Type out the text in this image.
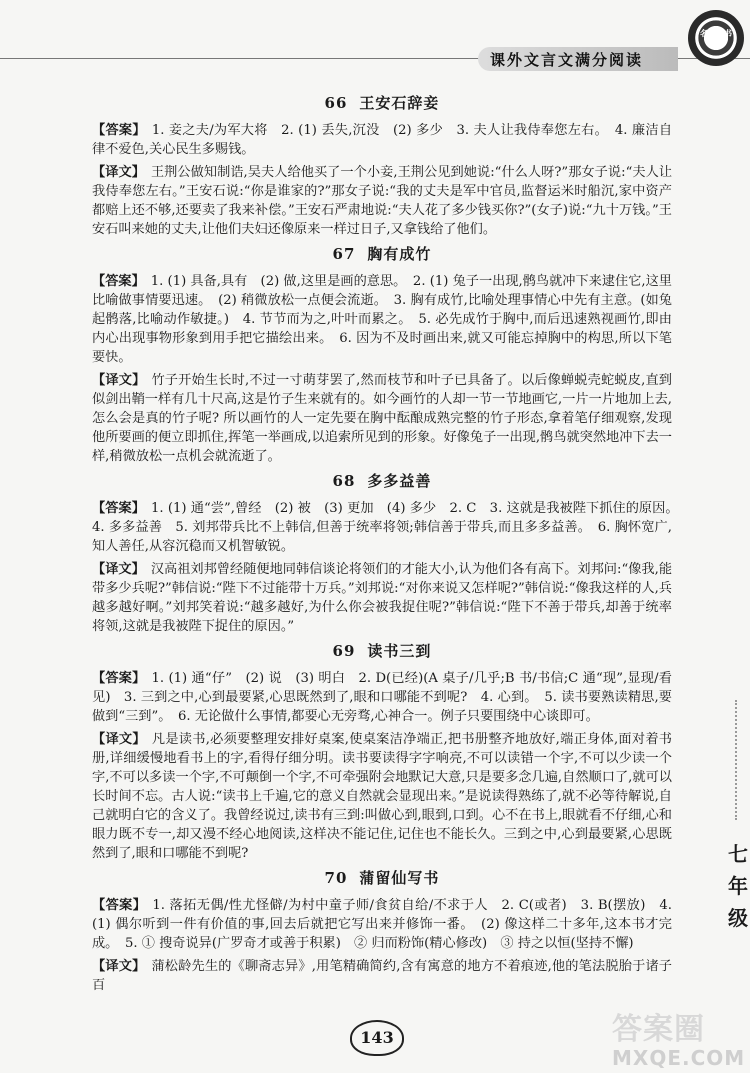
课外文言文满分阅读
名师图书
66 王安石辞妾

【答案】 1. 妾之夫/为军大将　2. (1) 丢失,沉没　(2) 多少　3. 夫人让我侍奉您左右。　4. 廉洁自律不爱色,关心民生多赐钱。

【译文】 王荆公做知制诰,吴夫人给他买了一个小妾,王荆公见到她说:“什么人呀?”那女子说:“夫人让我侍奉您左右。”王安石说:“你是谁家的?”那女子说:“我的丈夫是军中官员,监督运米时船沉,家中资产都赔上还不够,还要卖了我来补偿。”王安石严肃地说:“夫人花了多少钱买你?”(女子)说:“九十万钱。”王安石叫来她的丈夫,让他们夫妇还像原来一样过日子,又拿钱给了他们。

67 胸有成竹

【答案】 1. (1) 具备,具有　(2) 做,这里是画的意思。　2. (1) 兔子一出现,鹘鸟就冲下来逮住它,这里比喻做事情要迅速。　(2) 稍微放松一点便会流逝。　3. 胸有成竹,比喻处理事情心中先有主意。(如兔起鹘落,比喻动作敏捷。)　4. 节节而为之,叶叶而累之。　5. 必先成竹于胸中,而后迅速熟视画竹,即由内心出现事物形象到用手把它描绘出来。　6. 因为不及时画出来,就又可能忘掉胸中的构思,所以下笔要快。

【译文】 竹子开始生长时,不过一寸萌芽罢了,然而枝节和叶子已具备了。以后像蝉蜕壳蛇蜕皮,直到似剑出鞘一样有几十尺高,这是竹子生来就有的。如今画竹的人却一节一节地画它,一片一片地加上去,怎么会是真的竹子呢? 所以画竹的人一定先要在胸中酝酿成熟完整的竹子形态,拿着笔仔细观察,发现他所要画的便立即抓住,挥笔一举画成,以追索所见到的形象。好像兔子一出现,鹘鸟就突然地冲下去一样,稍微放松一点机会就流逝了。

68 多多益善

【答案】 1. (1) 通“尝”,曾经　(2) 被　(3) 更加　(4) 多少　2. C　3. 这就是我被陛下抓住的原因。　4. 多多益善　5. 刘邦带兵比不上韩信,但善于统率将领;韩信善于带兵,而且多多益善。　6. 胸怀宽广,知人善任,从容沉稳而又机智敏锐。

【译文】 汉高祖刘邦曾经随便地同韩信谈论将领们的才能大小,认为他们各有高下。刘邦问:“像我,能带多少兵呢?”韩信说:“陛下不过能带十万兵。”刘邦说:“对你来说又怎样呢?”韩信说:“像我这样的人,兵越多越好啊。”刘邦笑着说:“越多越好,为什么你会被我捉住呢?”韩信说:“陛下不善于带兵,却善于统率将领,这就是我被陛下捉住的原因。”

69 读书三到

【答案】 1. (1) 通“仔”　(2) 说　(3) 明白　2. D(已经)(A 桌子/几乎;B 书/书信;C 通“现”,显现/看见)　3. 三到之中,心到最要紧,心思既然到了,眼和口哪能不到呢?　4. 心到。　5. 读书要熟读精思,要做到“三到”。　6. 无论做什么事情,都要心无旁骛,心神合一。例子只要围绕中心谈即可。

【译文】 凡是读书,必须要整理安排好桌案,使桌案洁净端正,把书册整齐地放好,端正身体,面对着书册,详细缓慢地看书上的字,看得仔细分明。读书要读得字字响亮,不可以读错一个字,不可以少读一个字,不可以多读一个字,不可颠倒一个字,不可牵强附会地默记大意,只是要多念几遍,自然顺口了,就可以长时间不忘。古人说:“读书上千遍,它的意义自然就会显现出来。”是说读得熟练了,就不必等待解说,自己就明白它的含义了。我曾经说过,读书有三到:叫做心到,眼到,口到。心不在书上,眼就看不仔细,心和眼力既不专一,却又漫不经心地阅读,这样决不能记住,记住也不能长久。三到之中,心到最要紧,心思既然到了,眼和口哪能不到呢?

70 蒲留仙写书

【答案】 1. 落拓无偶/性尤怪僻/为村中童子师/食贫自给/不求于人　2. C(或者)　3. B(摆放)　4. (1) 偶尔听到一件有价值的事,回去后就把它写出来并修饰一番。　(2) 像这样二十多年,这本书才完成。　5. ① 搜奇说异(广罗奇才或善于积累)　② 归而粉饰(精心修改)　③ 持之以恒(坚持不懈)

【译文】 蒲松龄先生的《聊斋志异》,用笔精确简约,含有寓意的地方不着痕迹,他的笔法脱胎于诸子百

七年级
143	答案圈
MXQE.COM
